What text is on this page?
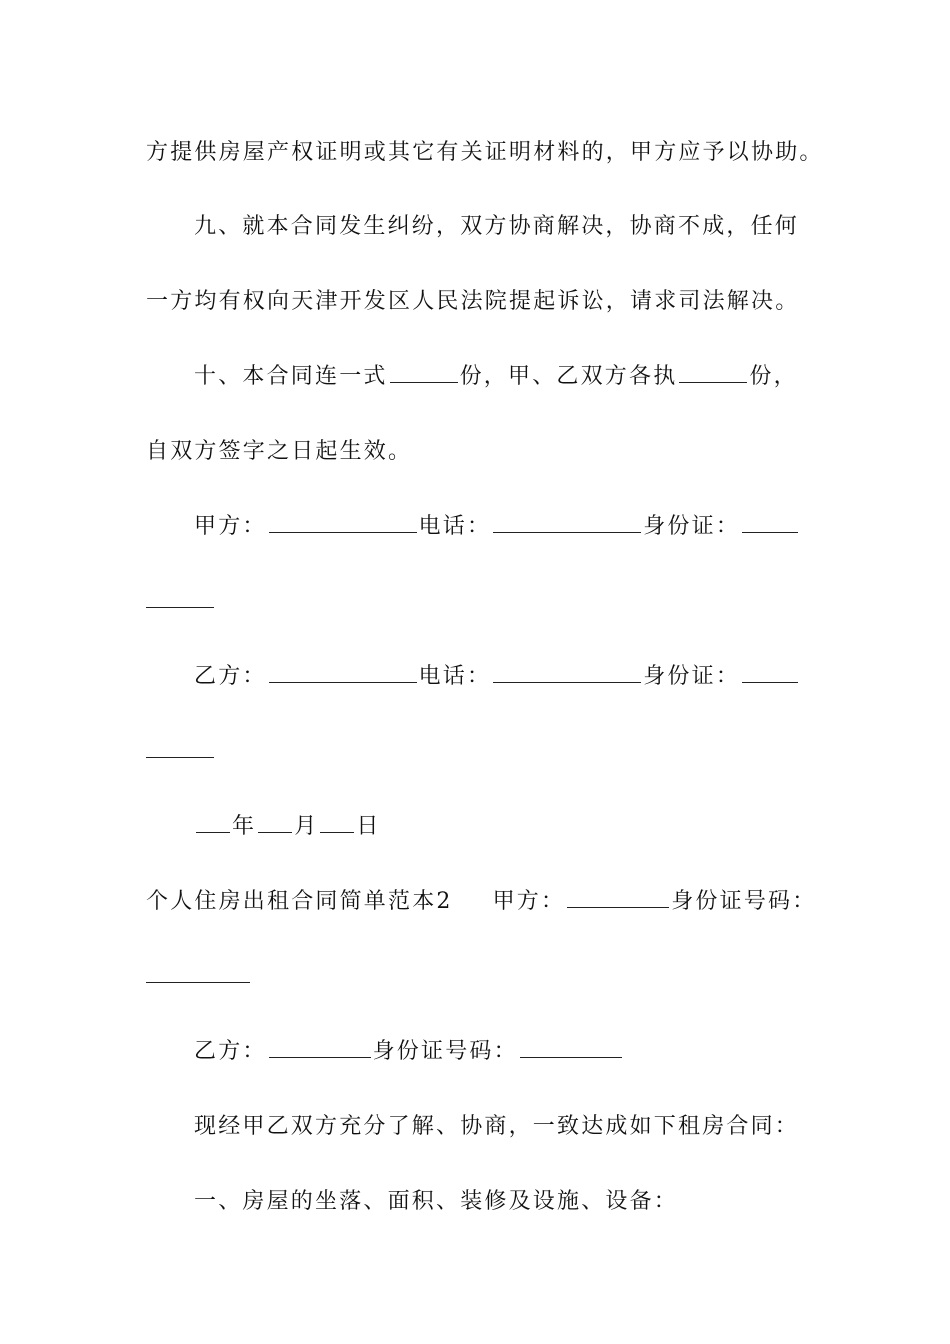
方提供房屋产权证明或其它有关证明材料的，甲方应予以协助。
九、就本合同发生纠纷，双方协商解决，协商不成，任何
一方均有权向天津开发区人民法院提起诉讼，请求司法解决。
十、本合同连一式	份，甲、乙双方各执	份，
自双方签字之日起生效。
甲方：	电话：	身份证：
乙方：	电话：	身份证：
年 月 日
个人住房出租合同简单范本2 甲方：	身份证号码：
乙方：	身份证号码：
现经甲乙双方充分了解、协商，一致达成如下租房合同：
一、房屋的坐落、面积、装修及设施、设备：
